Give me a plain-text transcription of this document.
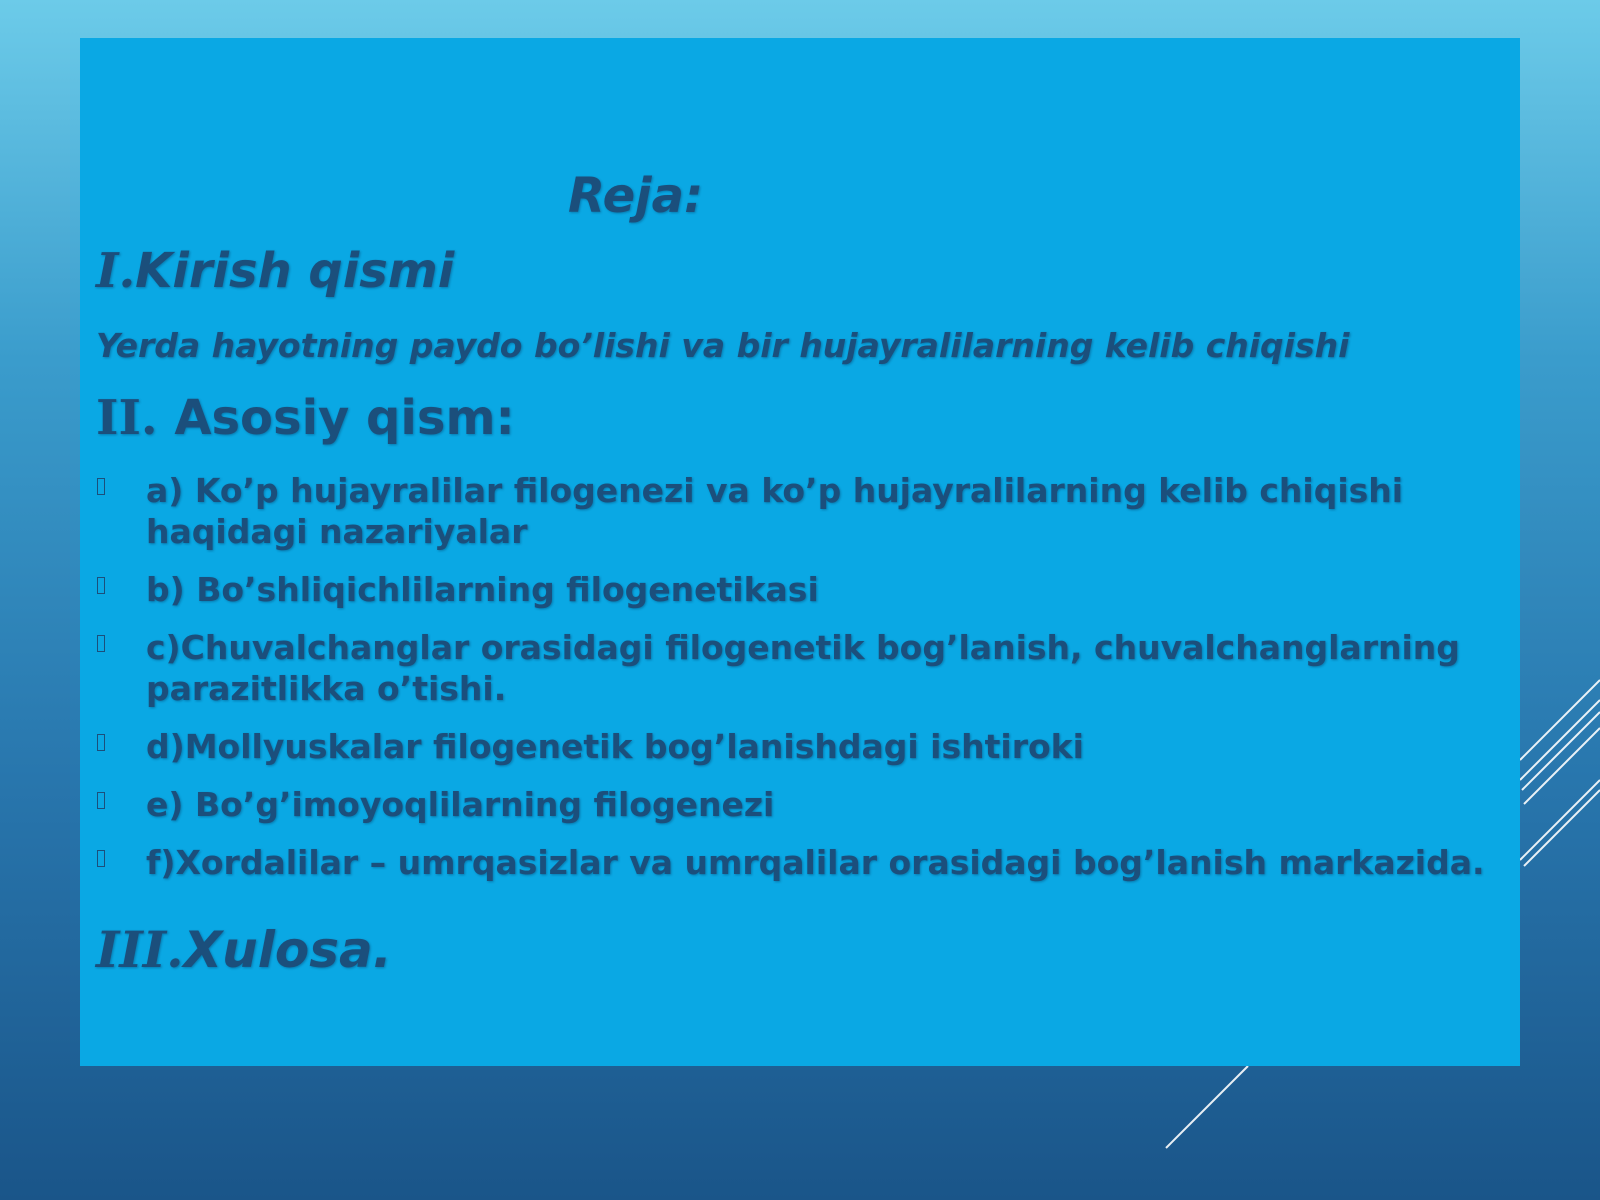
Reja:
I.Kirish qismi
Yerda hayotning paydo bo’lishi va bir hujayralilarning kelib chiqishi
II. Asosiy qism:
a) Ko’p hujayralilar filogenezi va ko’p hujayralilarning kelib chiqishi
haqidagi nazariyalar
b) Bo’shliqichlilarning filogenetikasi
c)Chuvalchanglar orasidagi filogenetik bog’lanish, chuvalchanglarning
parazitlikka o’tishi.
d)Mollyuskalar filogenetik bog’lanishdagi ishtiroki
e) Bo’g’imoyoqlilarning filogenezi
f)Xordalilar – umrqasizlar va umrqalilar orasidagi bog’lanish markazida.
III.Xulosa.
